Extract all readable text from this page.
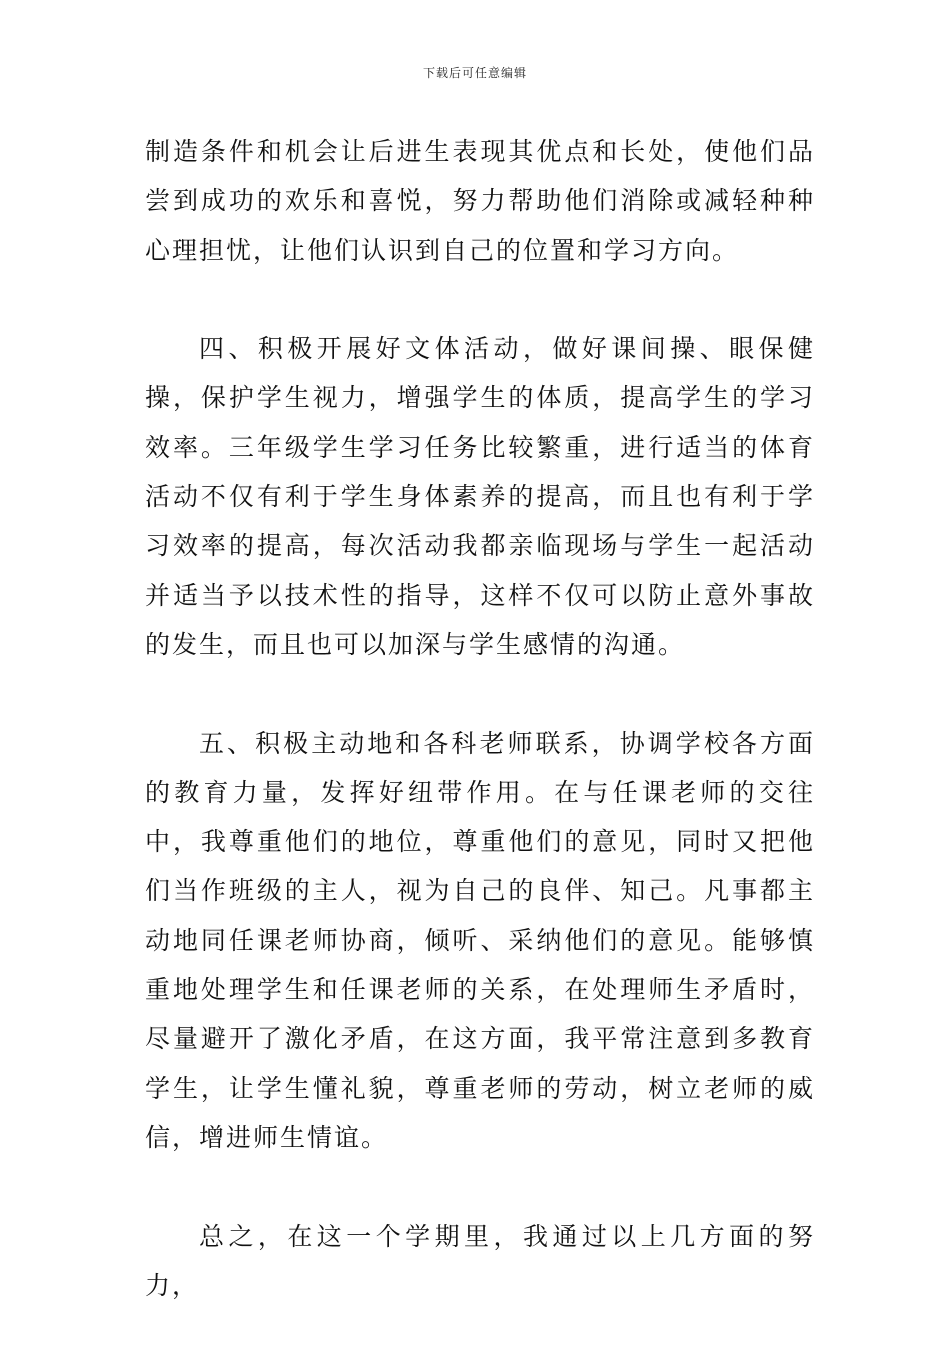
下载后可任意编辑

制造条件和机会让后进生表现其优点和长处，使他们品尝到成功的欢乐和喜悦，努力帮助他们消除或减轻种种心理担忧，让他们认识到自己的位置和学习方向。

四、积极开展好文体活动，做好课间操、眼保健操，保护学生视力，增强学生的体质，提高学生的学习效率。三年级学生学习任务比较繁重，进行适当的体育活动不仅有利于学生身体素养的提高，而且也有利于学习效率的提高，每次活动我都亲临现场与学生一起活动并适当予以技术性的指导，这样不仅可以防止意外事故的发生，而且也可以加深与学生感情的沟通。

五、积极主动地和各科老师联系，协调学校各方面的教育力量，发挥好纽带作用。在与任课老师的交往中，我尊重他们的地位，尊重他们的意见，同时又把他们当作班级的主人，视为自己的良伴、知己。凡事都主动地同任课老师协商，倾听、采纳他们的意见。能够慎重地处理学生和任课老师的关系，在处理师生矛盾时，尽量避开了激化矛盾，在这方面，我平常注意到多教育学生，让学生懂礼貌，尊重老师的劳动，树立老师的威信，增进师生情谊。

总之，在这一个学期里，我通过以上几方面的努力，
